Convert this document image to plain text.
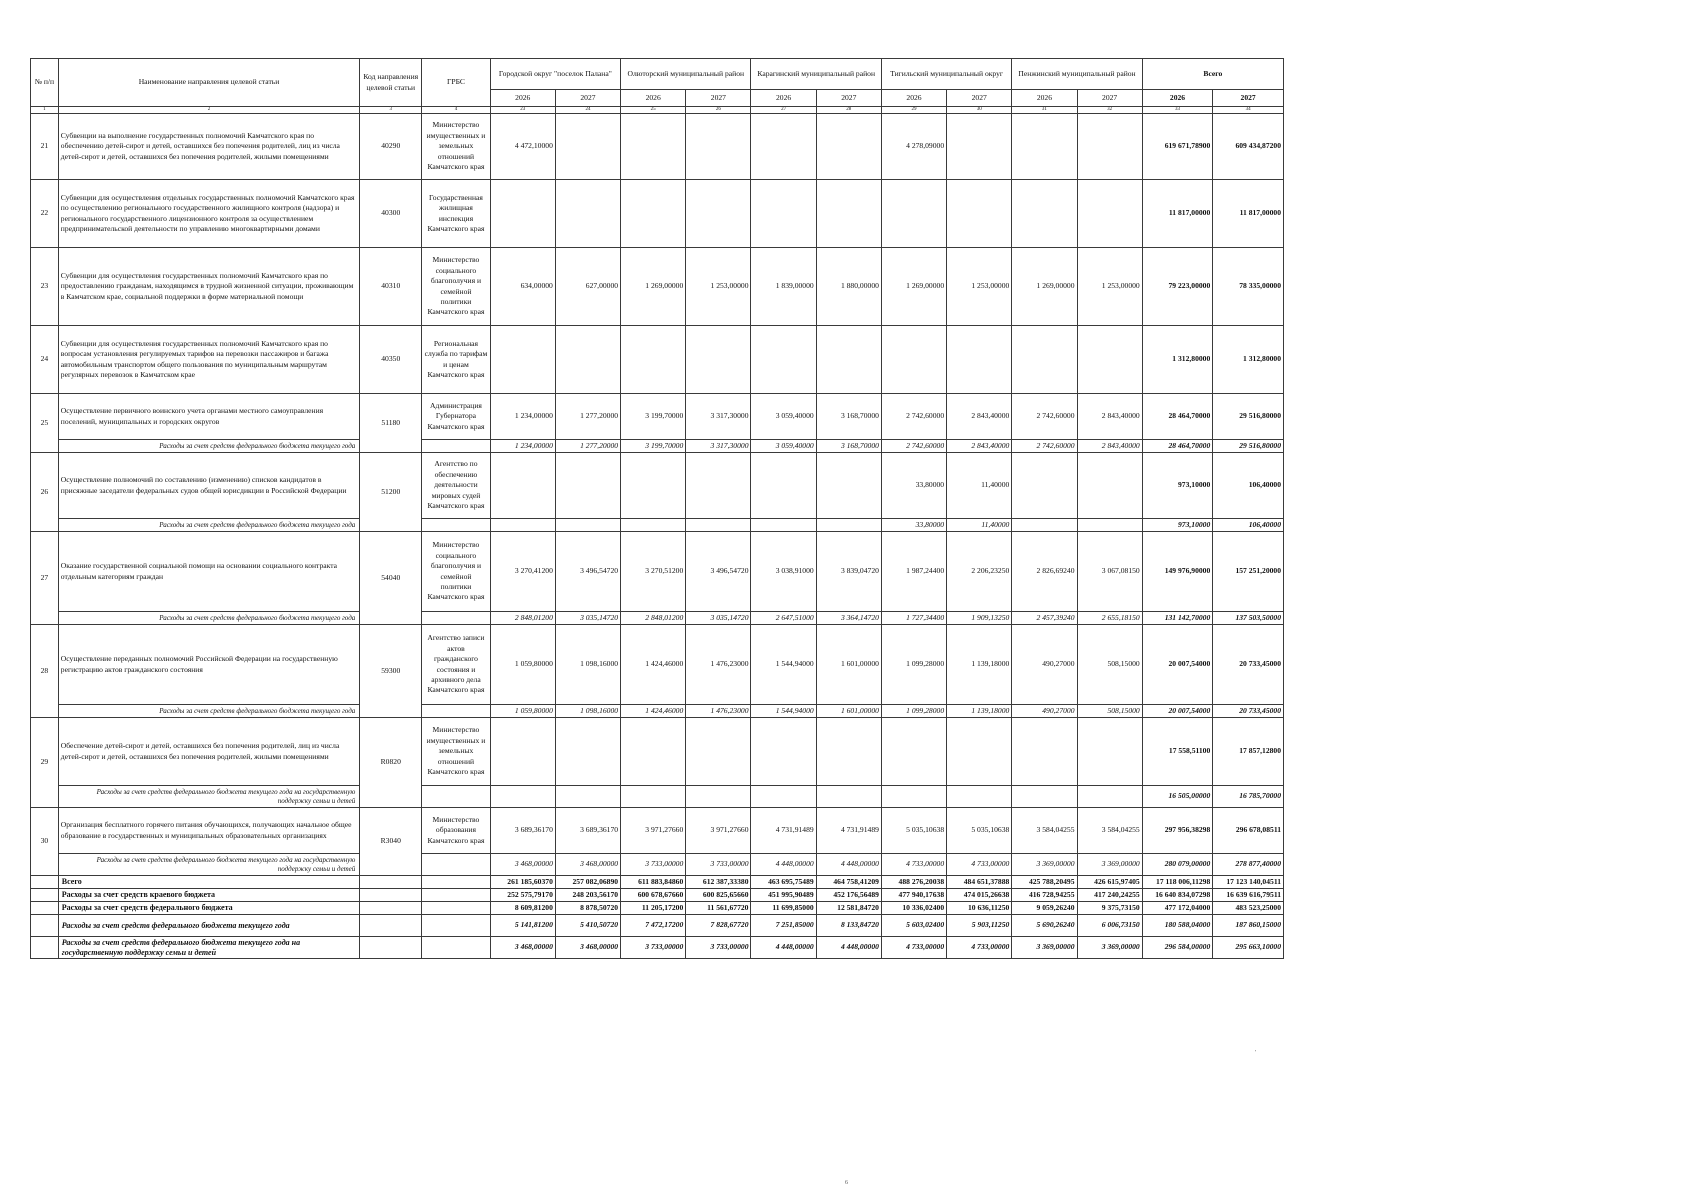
№ п/п	Наименование направления целевой статьи	Код направления целевой статьи	ГРБС	Городской округ "поселок Палана"		Олюторский муниципальный район		Карагинский муниципальный район		Тигильский муниципальный округ		Пенжинский муниципальный район		Всего	
				2026	2027	2026	2027	2026	2027	2026	2027	2026	2027	2026	2027
1	2	3	4	23	24	25	26	27	28	29	30	31	32	33	34
21	Субвенции на выполнение государственных полномочий Камчатского края по обеспечению детей-сирот и детей, оставшихся без попечения родителей, лиц из числа детей-сирот и детей, оставшихся без попечения родителей, жилыми помещениями	40290	Министерство имущественных и земельных отношений Камчатского края	4 472,10000						4 278,09000				619 671,78900	609 434,87200
22	Субвенции для осуществления отдельных государственных полномочий Камчатского края по осуществлению регионального государственного жилищного контроля (надзора) и регионального государственного лицензионного контроля за осуществлением предпринимательской деятельности по управлению многоквартирными домами	40300	Государственная жилищная инспекция Камчатского края											11 817,00000	11 817,00000
23	Субвенции для осуществления государственных полномочий Камчатского края по предоставлению гражданам, находящимся в трудной жизненной ситуации, проживающим в Камчатском крае, социальной поддержки в форме материальной помощи	40310	Министерство социального благополучия и семейной политики Камчатского края	634,00000	627,00000	1 269,00000	1 253,00000	1 839,00000	1 880,00000	1 269,00000	1 253,00000	1 269,00000	1 253,00000	79 223,00000	78 335,00000
24	Субвенции для осуществления государственных полномочий Камчатского края по вопросам установления регулируемых тарифов на перевозки пассажиров и багажа автомобильным транспортом общего пользования по муниципальным маршрутам регулярных перевозок в Камчатском крае	40350	Региональная служба по тарифам и ценам Камчатского края											1 312,80000	1 312,80000
25	Осуществление первичного воинского учета органами местного самоуправления поселений, муниципальных и городских округов	51180	Администрация Губернатора Камчатского края	1 234,00000	1 277,20000	3 199,70000	3 317,30000	3 059,40000	3 168,70000	2 742,60000	2 843,40000	2 742,60000	2 843,40000	28 464,70000	29 516,80000
	Расходы за счет средств федерального бюджета текущего года			1 234,00000	1 277,20000	3 199,70000	3 317,30000	3 059,40000	3 168,70000	2 742,60000	2 843,40000	2 742,60000	2 843,40000	28 464,70000	29 516,80000
26	Осуществление полномочий по составлению (изменению) списков кандидатов в присяжные заседатели федеральных судов общей юрисдикции в Российской Федерации	51200	Агентство по обеспечению деятельности мировых судей Камчатского края							33,80000	11,40000			973,10000	106,40000
	Расходы за счет средств федерального бюджета текущего года									33,80000	11,40000			973,10000	106,40000
27	Оказание государственной социальной помощи на основании социального контракта отдельным категориям граждан	54040	Министерство социального благополучия и семейной политики Камчатского края	3 270,41200	3 496,54720	3 270,51200	3 496,54720	3 038,91000	3 839,04720	1 987,24400	2 206,23250	2 826,69240	3 067,08150	149 976,90000	157 251,20000
	Расходы за счет средств федерального бюджета текущего года			2 848,01200	3 035,14720	2 848,01200	3 035,14720	2 647,51000	3 364,14720	1 727,34400	1 909,13250	2 457,39240	2 655,18150	131 142,70000	137 503,50000
28	Осуществление переданных полномочий Российской Федерации на государственную регистрацию актов гражданского состояния	59300	Агентство записи актов гражданского состояния и архивного дела Камчатского края	1 059,80000	1 098,16000	1 424,46000	1 476,23000	1 544,94000	1 601,00000	1 099,28000	1 139,18000	490,27000	508,15000	20 007,54000	20 733,45000
	Расходы за счет средств федерального бюджета текущего года			1 059,80000	1 098,16000	1 424,46000	1 476,23000	1 544,94000	1 601,00000	1 099,28000	1 139,18000	490,27000	508,15000	20 007,54000	20 733,45000
29	Обеспечение детей-сирот и детей, оставшихся без попечения родителей, лиц из числа детей-сирот и детей, оставшихся без попечения родителей, жилыми помещениями	R0820	Министерство имущественных и земельных отношений Камчатского края											17 558,51100	17 857,12800
	Расходы за счет средств федерального бюджета текущего года на государственную поддержку семьи и детей													16 505,00000	16 785,70000
30	Организация бесплатного горячего питания обучающихся, получающих начальное общее образование в государственных и муниципальных образовательных организациях	R3040	Министерство образования Камчатского края	3 689,36170	3 689,36170	3 971,27660	3 971,27660	4 731,91489	4 731,91489	5 035,10638	5 035,10638	3 584,04255	3 584,04255	297 956,38298	296 678,08511
	Расходы за счет средств федерального бюджета текущего года на государственную поддержку семьи и детей			3 468,00000	3 468,00000	3 733,00000	3 733,00000	4 448,00000	4 448,00000	4 733,00000	4 733,00000	3 369,00000	3 369,00000	280 079,00000	278 877,40000
	Всего			261 185,60370	257 082,06890	611 883,84860	612 387,33380	463 695,75489	464 758,41209	488 276,20038	484 651,37888	425 788,20495	426 615,97405	17 118 006,11298	17 123 140,04511
	Расходы за счет средств краевого бюджета			252 575,79170	248 203,56170	600 678,67660	600 825,65660	451 995,90489	452 176,56489	477 940,17638	474 015,26638	416 728,94255	417 240,24255	16 640 834,07298	16 639 616,79511
	Расходы за счет средств федерального бюджета			8 609,81200	8 878,50720	11 205,17200	11 561,67720	11 699,85000	12 581,84720	10 336,02400	10 636,11250	9 059,26240	9 375,73150	477 172,04000	483 523,25000
	Расходы за счет средств федерального бюджета текущего года			5 141,81200	5 410,50720	7 472,17200	7 828,67720	7 251,85000	8 133,84720	5 603,02400	5 903,11250	5 690,26240	6 006,73150	180 588,04000	187 860,15000
	Расходы за счет средств федерального бюджета текущего года на государственную поддержку семьи и детей			3 468,00000	3 468,00000	3 733,00000	3 733,00000	4 448,00000	4 448,00000	4 733,00000	4 733,00000	3 369,00000	3 369,00000	296 584,00000	295 663,10000
'
6
